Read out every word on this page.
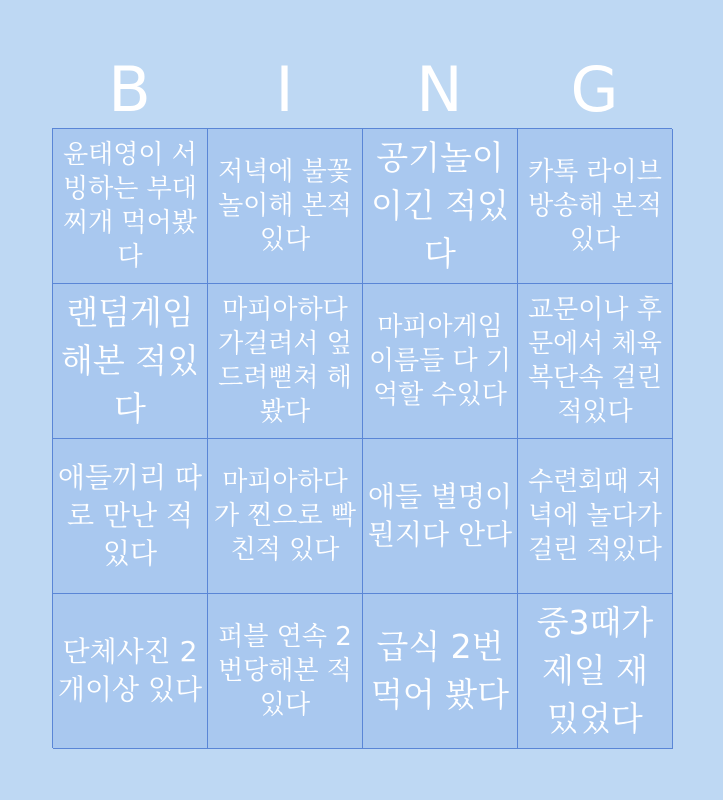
B	I	N	G
윤태영이 서빙하는 부대찌개 먹어봤다
저녁에 불꽃놀이해 본적있다
공기놀이 이긴 적있다
카톡 라이브방송해 본적있다
랜덤게임 해본 적있다
마피아하다가걸려서 엎드려뻗쳐 해봤다
마피아게임이름들 다 기억할 수있다
교문이나 후문에서 체육복단속 걸린적있다
애들끼리 따로 만난 적있다
마피아하다가 찐으로 빡친적 있다
애들 별명이 뭔지다 안다
수련회때 저녁에 놀다가 걸린 적있다
단체사진 2개이상 있다
퍼블 연속 2번당해본 적있다
급식 2번먹어 봤다
중3때가 제일 재 밌었다
